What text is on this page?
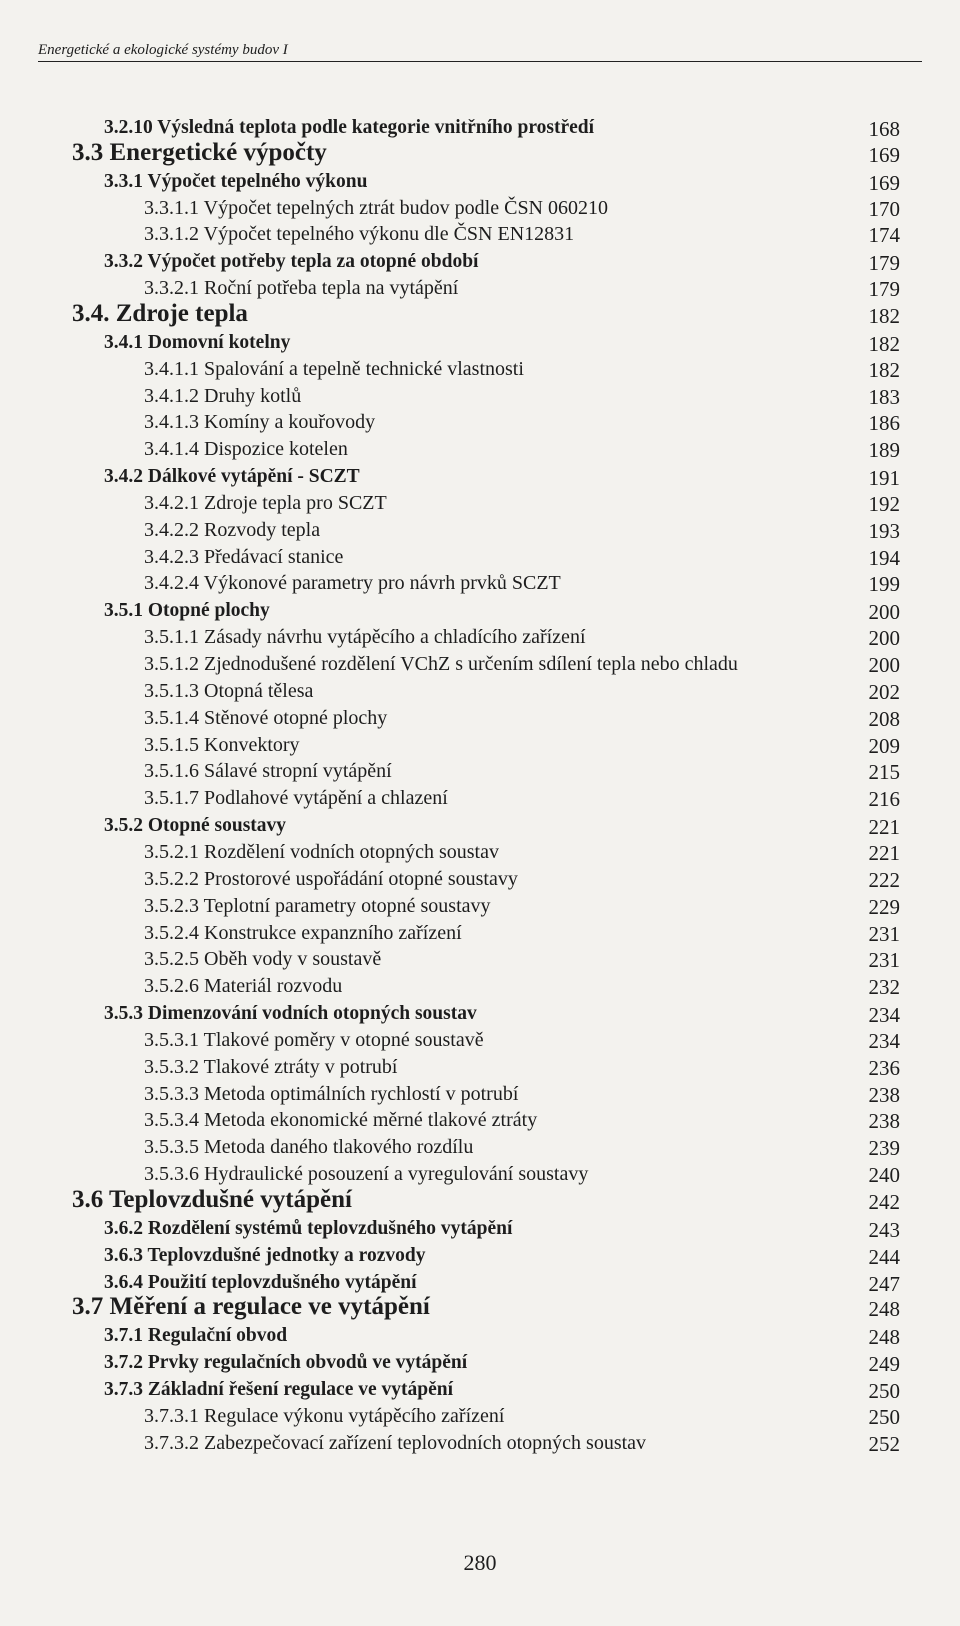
Energetické a ekologické systémy budov I
3.2.10 Výsledná teplota podle kategorie vnitřního prostředí	168
3.3 Energetické výpočty	169
3.3.1 Výpočet tepelného výkonu	169
3.3.1.1 Výpočet tepelných ztrát budov podle ČSN 060210	170
3.3.1.2 Výpočet tepelného výkonu dle ČSN EN12831	174
3.3.2 Výpočet potřeby tepla za otopné období	179
3.3.2.1 Roční potřeba tepla na vytápění	179
3.4. Zdroje tepla	182
3.4.1 Domovní kotelny	182
3.4.1.1 Spalování a tepelně technické vlastnosti	182
3.4.1.2 Druhy kotlů	183
3.4.1.3 Komíny a kouřovody	186
3.4.1.4 Dispozice kotelen	189
3.4.2 Dálkové vytápění - SCZT	191
3.4.2.1 Zdroje tepla pro SCZT	192
3.4.2.2 Rozvody tepla	193
3.4.2.3 Předávací stanice	194
3.4.2.4 Výkonové parametry pro návrh prvků SCZT	199
3.5.1 Otopné plochy	200
3.5.1.1 Zásady návrhu vytápěcího a chladícího zařízení	200
3.5.1.2 Zjednodušené rozdělení VChZ s určením sdílení tepla nebo chladu	200
3.5.1.3 Otopná tělesa	202
3.5.1.4 Stěnové otopné plochy	208
3.5.1.5 Konvektory	209
3.5.1.6 Sálavé stropní vytápění	215
3.5.1.7 Podlahové vytápění a chlazení	216
3.5.2 Otopné soustavy	221
3.5.2.1 Rozdělení vodních otopných soustav	221
3.5.2.2 Prostorové uspořádání otopné soustavy	222
3.5.2.3 Teplotní parametry otopné soustavy	229
3.5.2.4 Konstrukce expanzního zařízení	231
3.5.2.5 Oběh vody v soustavě	231
3.5.2.6 Materiál rozvodu	232
3.5.3 Dimenzování vodních otopných soustav	234
3.5.3.1 Tlakové poměry v otopné soustavě	234
3.5.3.2 Tlakové ztráty v potrubí	236
3.5.3.3 Metoda optimálních rychlostí v potrubí	238
3.5.3.4 Metoda ekonomické měrné tlakové ztráty	238
3.5.3.5 Metoda daného tlakového rozdílu	239
3.5.3.6 Hydraulické posouzení a vyregulování soustavy	240
3.6 Teplovzdušné vytápění	242
3.6.2 Rozdělení systémů teplovzdušného vytápění	243
3.6.3 Teplovzdušné jednotky a rozvody	244
3.6.4 Použití teplovzdušného vytápění	247
3.7 Měření a regulace ve vytápění	248
3.7.1 Regulační obvod	248
3.7.2 Prvky regulačních obvodů ve vytápění	249
3.7.3 Základní řešení regulace ve vytápění	250
3.7.3.1 Regulace výkonu vytápěcího zařízení	250
3.7.3.2 Zabezpečovací zařízení teplovodních otopných soustav	252
280
